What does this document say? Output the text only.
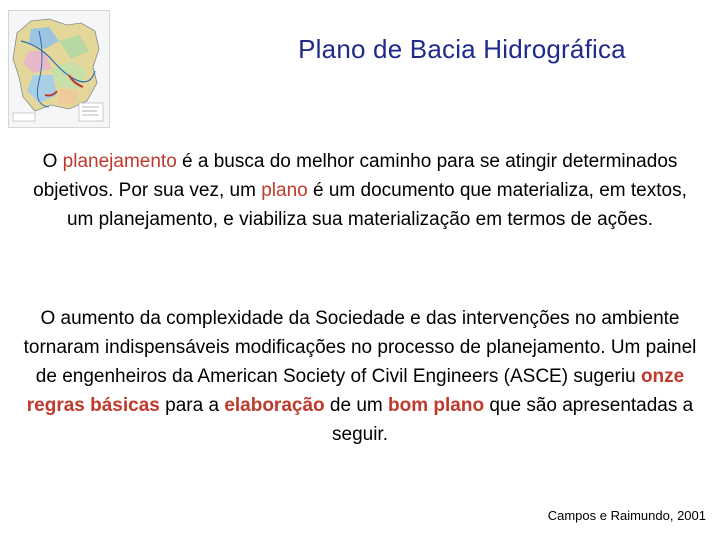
Plano de Bacia Hidrográfica

O planejamento é a busca do melhor caminho para se atingir determinados objetivos. Por sua vez, um plano é um documento que materializa, em textos, um planejamento, e viabiliza sua materialização em termos de ações.

O aumento da complexidade da Sociedade e das intervenções no ambiente tornaram indispensáveis modificações no processo de planejamento. Um painel de engenheiros da American Society of Civil Engineers (ASCE) sugeriu onze regras básicas para a elaboração de um bom plano que são apresentadas a seguir.

Campos e Raimundo, 2001
